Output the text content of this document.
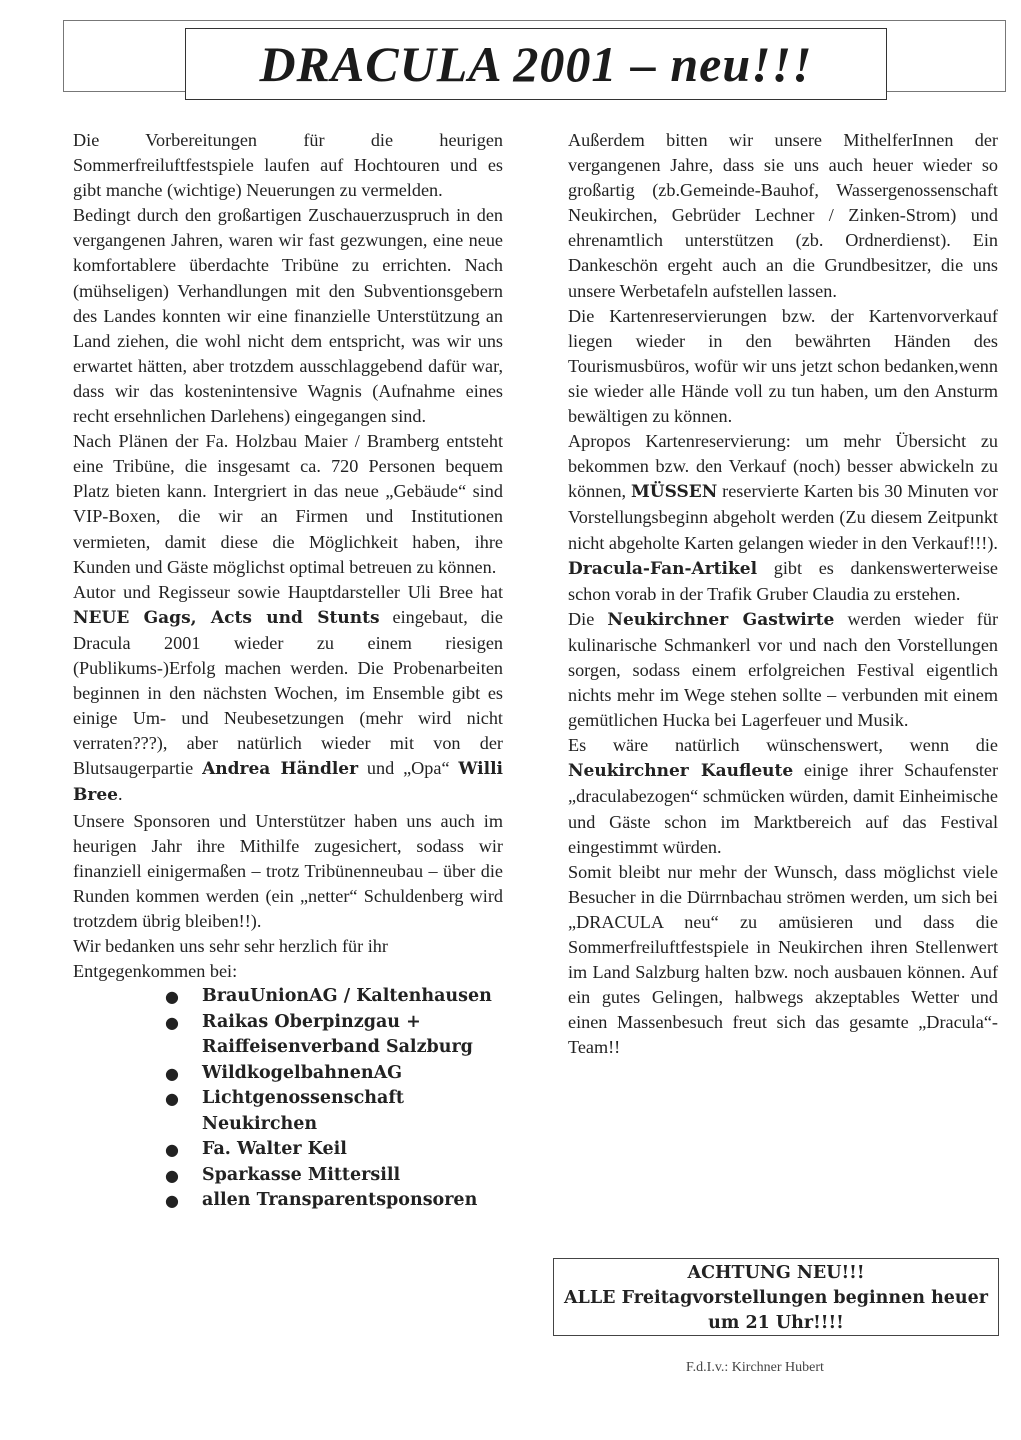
DRACULA 2001 – neu!!!

Die Vorbereitungen für die heurigen Sommerfreiluftfestspiele laufen auf Hochtouren und es gibt manche (wichtige) Neuerungen zu vermelden.

Bedingt durch den großartigen Zuschauerzuspruch in den vergangenen Jahren, waren wir fast gezwungen, eine neue komfortablere überdachte Tribüne zu errichten. Nach (mühseligen) Verhandlungen mit den Subventionsgebern des Landes konnten wir eine finanzielle Unterstützung an Land ziehen, die wohl nicht dem entspricht, was wir uns erwartet hätten, aber trotzdem ausschlaggebend dafür war, dass wir das kostenintensive Wagnis (Aufnahme eines recht ersehnlichen Darlehens) eingegangen sind.

Nach Plänen der Fa. Holzbau Maier / Bramberg entsteht eine Tribüne, die insgesamt ca. 720 Personen bequem Platz bieten kann. Intergriert in das neue „Gebäude“ sind VIP-Boxen, die wir an Firmen und Institutionen vermieten, damit diese die Möglichkeit haben, ihre Kunden und Gäste möglichst optimal betreuen zu können.

Autor und Regisseur sowie Hauptdarsteller Uli Bree hat NEUE Gags, Acts und Stunts eingebaut, die Dracula 2001 wieder zu einem riesigen (Publikums-)Erfolg machen werden. Die Probenarbeiten beginnen in den nächsten Wochen, im Ensemble gibt es einige Um- und Neubesetzungen (mehr wird nicht verraten???), aber natürlich wieder mit von der Blutsaugerpartie Andrea Händler und „Opa“ Willi Bree.

Unsere Sponsoren und Unterstützer haben uns auch im heurigen Jahr ihre Mithilfe zugesichert, sodass wir finanziell einigermaßen – trotz Tribünenneubau – über die Runden kommen werden (ein „netter“ Schuldenberg wird trotzdem übrig bleiben!!).

Wir bedanken uns sehr sehr herzlich für ihr Entgegenkommen bei:

● BrauUnionAG / Kaltenhausen
● Raikas Oberpinzgau + Raiffeisenverband Salzburg
● WildkogelbahnenAG
● Lichtgenossenschaft Neukirchen
● Fa. Walter Keil
● Sparkasse Mittersill
● allen Transparentsponsoren

Außerdem bitten wir unsere MithelferInnen der vergangenen Jahre, dass sie uns auch heuer wieder so großartig (zb.Gemeinde-Bauhof, Wassergenossenschaft Neukirchen, Gebrüder Lechner / Zinken-Strom) und ehrenamtlich unterstützen (zb. Ordnerdienst). Ein Dankeschön ergeht auch an die Grundbesitzer, die uns unsere Werbetafeln aufstellen lassen.

Die Kartenreservierungen bzw. der Kartenvorverkauf liegen wieder in den bewährten Händen des Tourismusbüros, wofür wir uns jetzt schon bedanken,wenn sie wieder alle Hände voll zu tun haben, um den Ansturm bewältigen zu können.

Apropos Kartenreservierung: um mehr Übersicht zu bekommen bzw. den Verkauf (noch) besser abwickeln zu können, MÜSSEN reservierte Karten bis 30 Minuten vor Vorstellungsbeginn abgeholt werden (Zu diesem Zeitpunkt nicht abgeholte Karten gelangen wieder in den Verkauf!!!).

Dracula-Fan-Artikel gibt es dankenswerterweise schon vorab in der Trafik Gruber Claudia zu erstehen.

Die Neukirchner Gastwirte werden wieder für kulinarische Schmankerl vor und nach den Vorstellungen sorgen, sodass einem erfolgreichen Festival eigentlich nichts mehr im Wege stehen sollte – verbunden mit einem gemütlichen Hucka bei Lagerfeuer und Musik.

Es wäre natürlich wünschenswert, wenn die Neukirchner Kaufleute einige ihrer Schaufenster „draculabezogen“ schmücken würden, damit Einheimische und Gäste schon im Marktbereich auf das Festival eingestimmt würden.

Somit bleibt nur mehr der Wunsch, dass möglichst viele Besucher in die Dürrnbachau strömen werden, um sich bei „DRACULA neu“ zu amüsieren und dass die Sommerfreiluftfestspiele in Neukirchen ihren Stellenwert im Land Salzburg halten bzw. noch ausbauen können. Auf ein gutes Gelingen, halbwegs akzeptables Wetter und einen Massenbesuch freut sich das gesamte „Dracula“-Team!!

ACHTUNG NEU!!!
ALLE Freitagvorstellungen beginnen heuer
um 21 Uhr!!!!
F.d.I.v.: Kirchner Hubert
